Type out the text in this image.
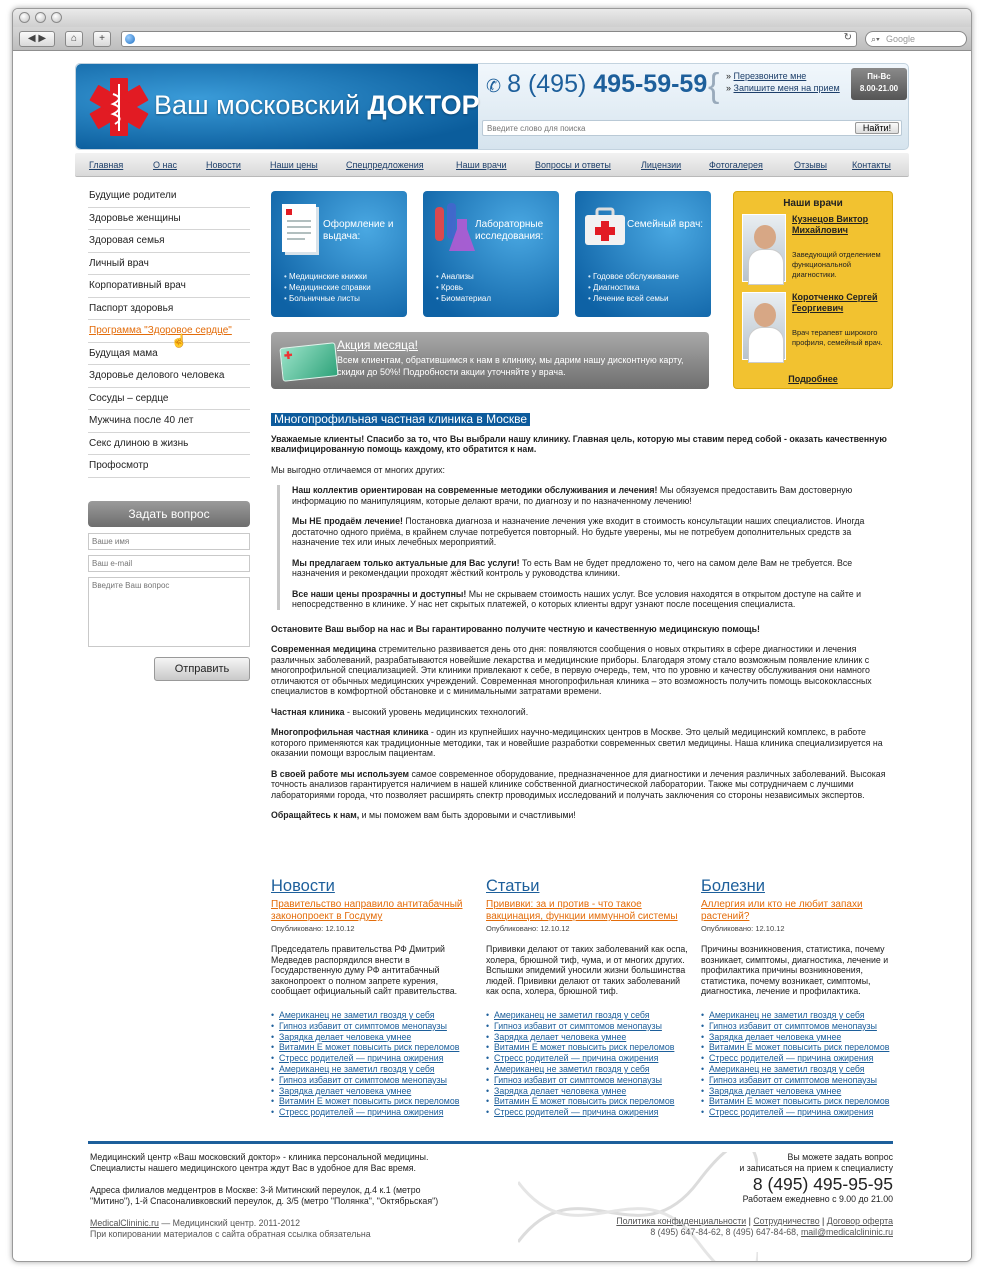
◀ ▶	⌂	+	↻ ⌕▾ Google
Ваш московский ДОКТОР
✆ 8 (495) 495-59-59 { » Перезвоните мне
» Запишите меня на прием
Пн-Вс
8.00-21.00
Введите слово для поиска
Найти!
Главная	О нас	Новости	Наши цены	Спецпредложения	Наши врачи	Вопросы и ответы	Лицензии	Фотогалерея	Отзывы	Контакты
Будущие родители
Здоровье женщины
Здоровая семья
Личный врач
Корпоративный врач
Паспорт здоровья
Программа "Здоровое сердце"
Будущая мама
Здоровье делового человека
Сосуды – сердце
Мужчина после 40 лет
Секс длиною в жизнь
Профосмотр
☝
Задать вопрос
Ваше имя
Ваш e-mail
Введите Ваш вопрос
Отправить
Оформление и выдача:
• Медицинские книжки
• Медицинские справки
• Больничные листы
Лабораторные исследования:
• Анализы
• Кровь
• Биоматериал
Семейный врач:
• Годовое обслуживание
• Диагностика
• Лечение всей семьи
Акция месяца!
Всем клиентам, обратившимся к нам в клинику, мы дарим нашу дисконтную карту, скидки до 50%! Подробности акции уточняйте у врача.
Наши врачи
Кузнецов Виктор Михайлович
Заведующий отделением функциональной диагностики.
Коротченко Сергей Георгиевич
Врач терапевт широкого профиля, семейный врач.
Подробнее
Многопрофильная частная клиника в Москве

Уважаемые клиенты! Спасибо за то, что Вы выбрали нашу клинику. Главная цель, которую мы ставим перед собой - оказать качественную квалифицированную помощь каждому, кто обратится к нам.

Мы выгодно отличаемся от многих других:

Наш коллектив ориентирован на современные методики обслуживания и лечения! Мы обязуемся предоставить Вам достоверную информацию по манипуляциям, которые делают врачи, по диагнозу и по назначенному лечению!

Мы НЕ продаём лечение! Постановка диагноза и назначение лечения уже входит в стоимость консультации наших специалистов. Иногда достаточно одного приёма, в крайнем случае потребуется повторный. Но будьте уверены, мы не потребуем дополнительных средств за назначение тех или иных лечебных мероприятий.

Мы предлагаем только актуальные для Вас услуги! То есть Вам не будет предложено то, чего на самом деле Вам не требуется. Все назначения и рекомендации проходят жёсткий контроль у руководства клиники.

Все наши цены прозрачны и доступны! Мы не скрываем стоимость наших услуг. Все условия находятся в открытом доступе на сайте и непосредственно в клинике. У нас нет скрытых платежей, о которых клиенты вдруг узнают после посещения специалиста.

Остановите Ваш выбор на нас и Вы гарантированно получите честную и качественную медицинскую помощь!

Современная медицина стремительно развивается день ото дня: появляются сообщения о новых открытиях в сфере диагностики и лечения различных заболеваний, разрабатываются новейшие лекарства и медицинские приборы. Благодаря этому стало возможным появление клиник с многопрофильной специализацией. Эти клиники привлекают к себе, в первую очередь, тем, что по уровню и качеству обслуживания они намного отличаются от обычных медицинских учреждений. Современная многопрофильная клиника – это возможность получить помощь высококлассных специалистов в комфортной обстановке и с минимальными затратами времени.

Частная клиника - высокий уровень медицинских технологий.

Многопрофильная частная клиника - один из крупнейших научно-медицинских центров в Москве. Это целый медицинский комплекс, в работе которого применяются как традиционные методики, так и новейшие разработки современных светил медицины. Наша клиника специализируется на оказании помощи взрослым пациентам.

В своей работе мы используем самое современное оборудование, предназначенное для диагностики и лечения различных заболеваний. Высокая точность анализов гарантируется наличием в нашей клинике собственной диагностической лаборатории. Также мы сотрудничаем с лучшими лабораториями города, что позволяет расширять спектр проводимых исследований и получать заключения со стороны независимых экспертов.

Обращайтесь к нам, и мы поможем вам быть здоровыми и счастливыми!

Новости
Правительство направило антитабачный законопроект в Госдуму
Опубликовано: 12.10.12
Председатель правительства РФ Дмитрий Медведев распорядился внести в Государственную думу РФ антитабачный законопроект о полном запрете курения, сообщает официальный сайт правительства.
• Американец не заметил гвоздя у себя
• Гипноз избавит от симптомов менопаузы
• Зарядка делает человека умнее
• Витамин Е может повысить риск переломов
• Стресс родителей — причина ожирения
• Американец не заметил гвоздя у себя
• Гипноз избавит от симптомов менопаузы
• Зарядка делает человека умнее
• Витамин Е может повысить риск переломов
• Стресс родителей — причина ожирения
Статьи
Прививки: за и против - что такое вакцинация, функции иммунной системы
Опубликовано: 12.10.12
Прививки делают от таких заболеваний как оспа, холера, брюшной тиф, чума, и от многих других. Вспышки эпидемий уносили жизни большинства людей. Прививки делают от таких заболеваний как оспа, холера, брюшной тиф.
• Американец не заметил гвоздя у себя
• Гипноз избавит от симптомов менопаузы
• Зарядка делает человека умнее
• Витамин Е может повысить риск переломов
• Стресс родителей — причина ожирения
• Американец не заметил гвоздя у себя
• Гипноз избавит от симптомов менопаузы
• Зарядка делает человека умнее
• Витамин Е может повысить риск переломов
• Стресс родителей — причина ожирения
Болезни
Аллергия или кто не любит запахи растений?
Опубликовано: 12.10.12
Причины возникновения, статистика, почему возникает, симптомы, диагностика, лечение и профилактика причины возникновения, статистика, почему возникает, симптомы, диагностика, лечение и профилактика.
• Американец не заметил гвоздя у себя
• Гипноз избавит от симптомов менопаузы
• Зарядка делает человека умнее
• Витамин Е может повысить риск переломов
• Стресс родителей — причина ожирения
• Американец не заметил гвоздя у себя
• Гипноз избавит от симптомов менопаузы
• Зарядка делает человека умнее
• Витамин Е может повысить риск переломов
• Стресс родителей — причина ожирения
Медицинский центр «Ваш московский доктор» - клиника персональной медицины.
Специалисты нашего медицинского центра ждут Вас в удобное для Вас время.
Адреса филиалов медцентров в Москве: 3-й Митинский переулок, д.4 к.1 (метро
"Митино"), 1-й Спасоналивковский переулок, д. 3/5 (метро "Полянка", "Октябрьская")
MedicalClininic.ru — Медицинский центр. 2011-2012
При копировании материалов с сайта обратная ссылка обязательна
Вы можете задать вопрос
и записаться на прием к специалисту
8 (495) 495-95-95
Работаем ежедневно с 9.00 до 21.00
Политика конфиденциальности | Сотрудничество | Договор оферта
8 (495) 647-84-62, 8 (495) 647-84-68, mail@medicalclininic.ru
